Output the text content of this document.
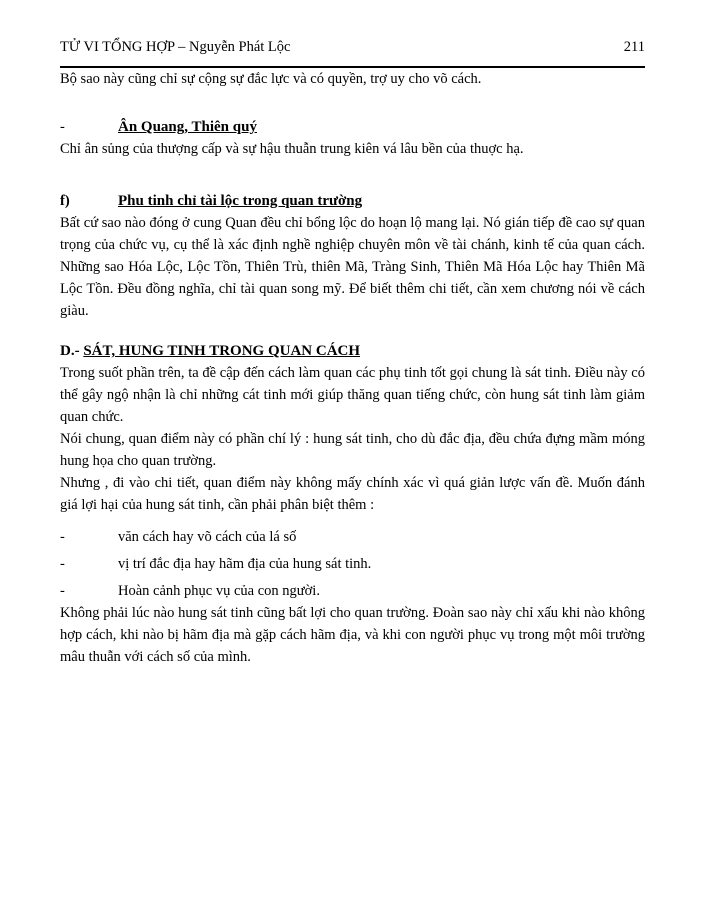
TỬ VI TỔNG HỢP – Nguyễn Phát Lộc	211

Bộ sao này cũng chỉ sự cộng sự đắc lực và có quyền, trợ uy cho võ cách.

-	Ân Quang, Thiên quý

Chỉ ân sủng của thượng cấp và sự hậu thuẫn trung kiên vá lâu bền của thuợc hạ.

f)	Phu tinh chỉ tài lộc trong quan trường

Bất cứ sao nào đóng ở cung Quan đều chỉ bổng lộc do hoạn lộ mang lại. Nó gián tiếp đề cao sự quan trọng của chức vụ, cụ thể là xác định nghề nghiệp chuyên môn về tài chánh, kinh tế của quan cách. Những sao Hóa Lộc, Lộc Tồn, Thiên Trù, thiên Mã, Tràng Sinh, Thiên Mã Hóa Lộc hay Thiên Mã Lộc Tồn. Đều đồng nghĩa, chỉ tài quan song mỹ. Để biết thêm chi tiết, cần xem chương nói về cách giàu.

D.- SÁT, HUNG TINH TRONG QUAN CÁCH

Trong suốt phần trên, ta đề cập đến cách làm quan các phụ tinh tốt gọi chung là sát tinh. Điều này có thể gây ngộ nhận là chỉ những cát tinh mới giúp thăng quan tiếng chức, còn hung sát tinh làm giảm quan chức.

Nói chung, quan điểm này có phần chí lý : hung sát tinh, cho dù đắc địa, đều chứa đựng mầm móng hung họa cho quan trường.

Nhưng , đi vào chi tiết, quan điểm này không mấy chính xác vì quá giản lược vấn đề. Muốn đánh giá lợi hại của hung sát tinh, cần phải phân biệt thêm :

-	văn cách hay võ cách của lá số
-	vị trí đắc địa hay hãm địa của hung sát tinh.
-	Hoàn cảnh phục vụ của con người.

Không phải lúc nào hung sát tinh cũng bất lợi cho quan trường. Đoàn sao này chỉ xấu khi nào không hợp cách, khi nào bị hãm địa mà gặp cách hãm địa, và khi con người phục vụ trong một môi trường mâu thuẫn với cách số của mình.
